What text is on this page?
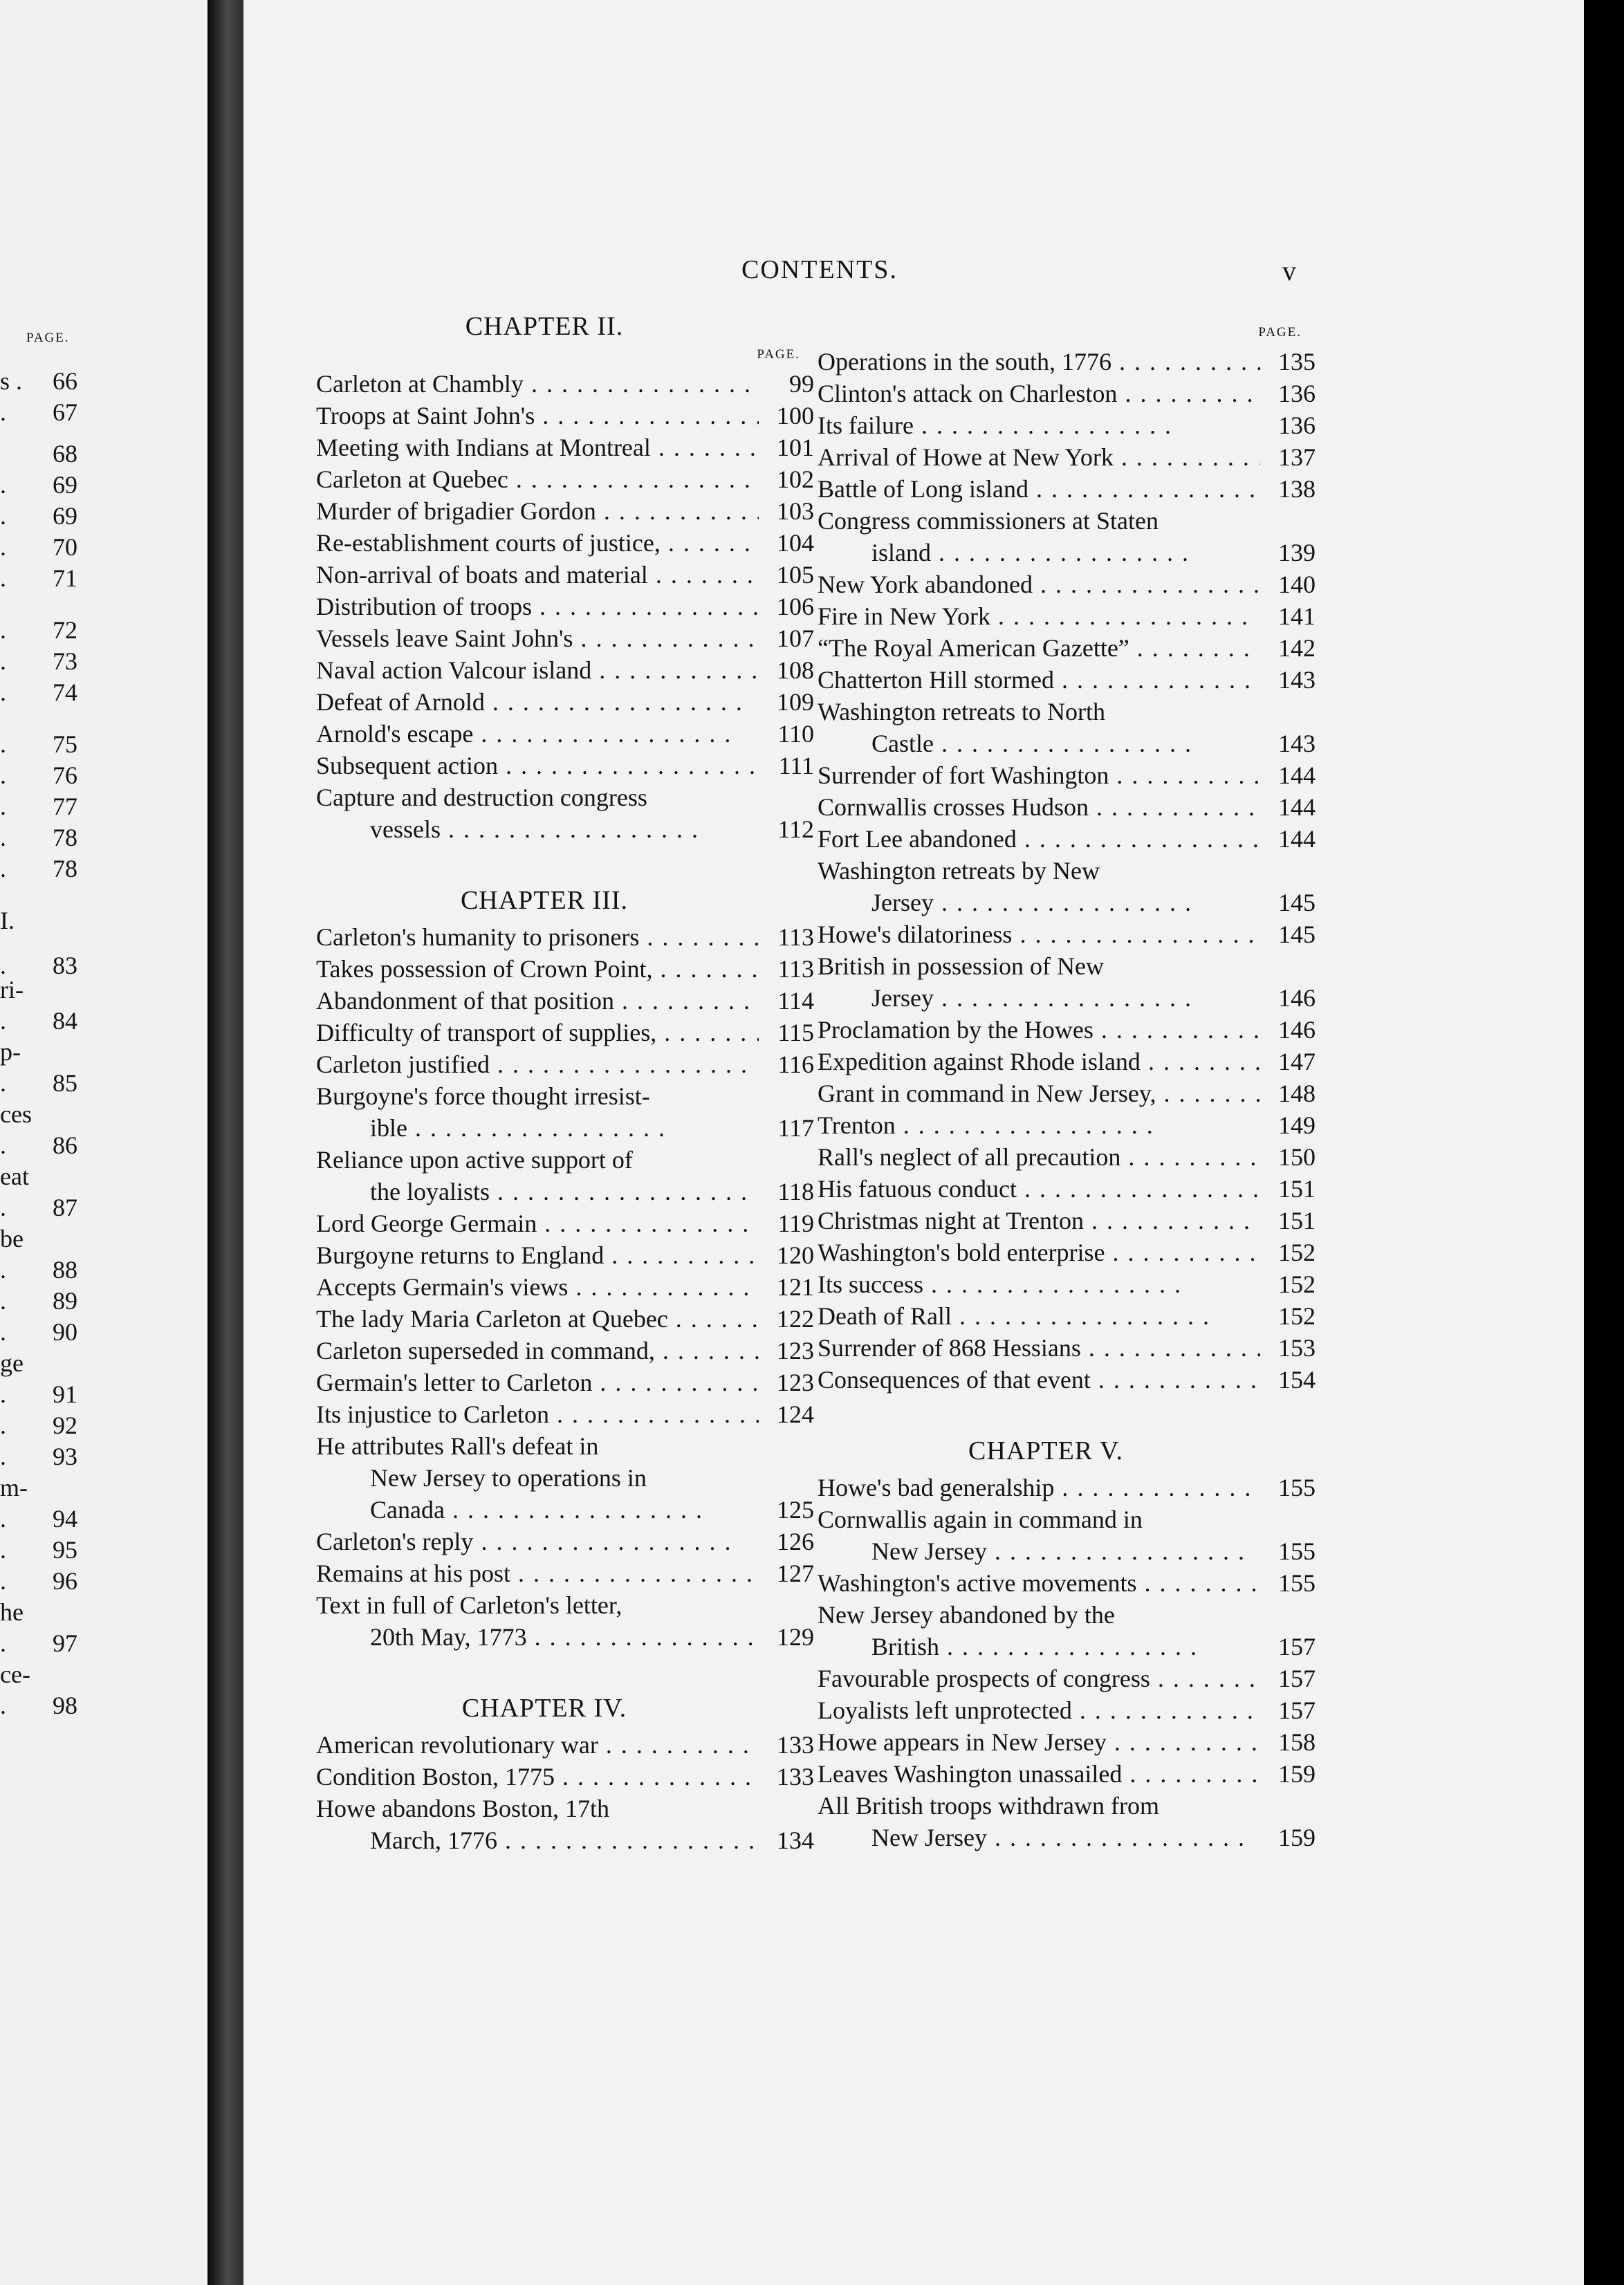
PAGE.
s . 66
. 67
68
. 69
. 69
. 70
. 71
. 72
. 73
. 74
. 75
. 76
. 77
. 78
. 78
I.
. 83
ri-
. 84
p-
. 85
ces
. 86
eat
. 87
be
. 88
. 89
. 90
ge
. 91
. 92
. 93
m-
. 94
. 95
. 96
he
. 97
ce-
. 98
CONTENTS.	v
CHAPTER II.
PAGE.
Carleton at Chambly . .	99
Troops at Saint John's . .	100
Meeting with Indians at Montreal . .	101
Carleton at Quebec . .	102
Murder of brigadier Gordon . .	103
Re-establishment courts of justice, . .	104
Non-arrival of boats and material . .	105
Distribution of troops . .	106
Vessels leave Saint John's . .	107
Naval action Valcour island . .	108
Defeat of Arnold . .	109
Arnold's escape . .	110
Subsequent action . .	111
Capture and destruction congress
vessels . .	112
CHAPTER III.
Carleton's humanity to prisoners . .	113
Takes possession of Crown Point, . .	113
Abandonment of that position . .	114
Difficulty of transport of supplies, . .	115
Carleton justified . .	116
Burgoyne's force thought irresist-
ible . .	117
Reliance upon active support of
the loyalists . .	118
Lord George Germain . .	119
Burgoyne returns to England . .	120
Accepts Germain's views . .	121
The lady Maria Carleton at Quebec . .	122
Carleton superseded in command, . .	123
Germain's letter to Carleton . .	123
Its injustice to Carleton . .	124
He attributes Rall's defeat in
New Jersey to operations in
Canada . .	125
Carleton's reply . .	126
Remains at his post . .	127
Text in full of Carleton's letter,
20th May, 1773 . .	129
CHAPTER IV.
American revolutionary war . .	133
Condition Boston, 1775 . .	133
Howe abandons Boston, 17th
March, 1776 . .	134
PAGE.
Operations in the south, 1776 . .	135
Clinton's attack on Charleston . .	136
Its failure . .	136
Arrival of Howe at New York . .	137
Battle of Long island . .	138
Congress commissioners at Staten
island . .	139
New York abandoned . .	140
Fire in New York . .	141
“The Royal American Gazette” . .	142
Chatterton Hill stormed . .	143
Washington retreats to North
Castle . .	143
Surrender of fort Washington . .	144
Cornwallis crosses Hudson . .	144
Fort Lee abandoned . .	144
Washington retreats by New
Jersey . .	145
Howe's dilatoriness . .	145
British in possession of New
Jersey . .	146
Proclamation by the Howes . .	146
Expedition against Rhode island . .	147
Grant in command in New Jersey, . .	148
Trenton . .	149
Rall's neglect of all precaution . .	150
His fatuous conduct . .	151
Christmas night at Trenton . .	151
Washington's bold enterprise . .	152
Its success . .	152
Death of Rall . .	152
Surrender of 868 Hessians . .	153
Consequences of that event . .	154
CHAPTER V.
Howe's bad generalship . .	155
Cornwallis again in command in
New Jersey . .	155
Washington's active movements . .	155
New Jersey abandoned by the
British . .	157
Favourable prospects of congress . .	157
Loyalists left unprotected . .	157
Howe appears in New Jersey . .	158
Leaves Washington unassailed . .	159
All British troops withdrawn from
New Jersey . .	159
